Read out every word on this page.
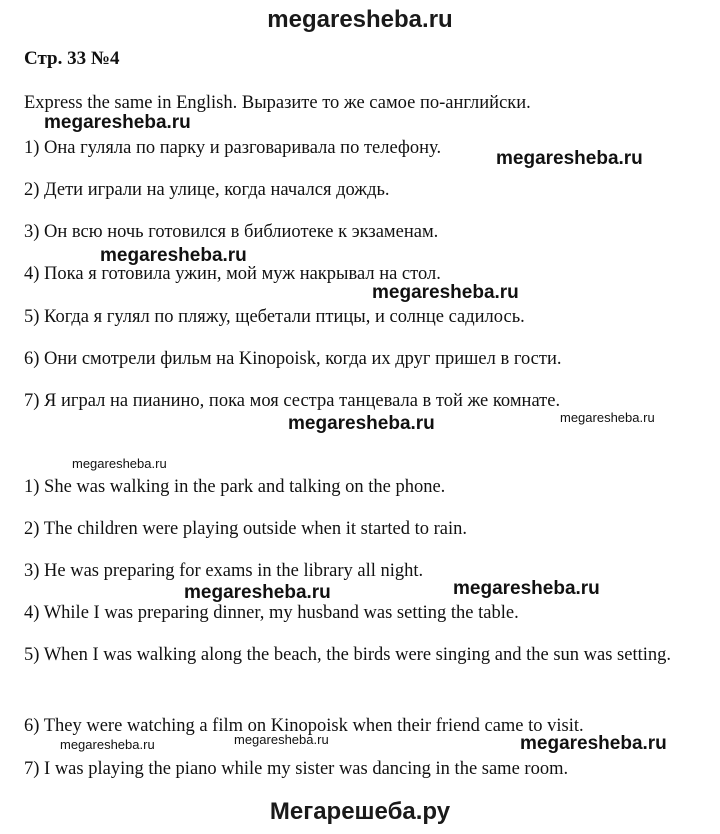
megaresheba.ru
Стр. 33 №4
Express the same in English. Выразите то же самое по-английски.
1) Она гуляла по парку и разговаривала по телефону.
2) Дети играли на улице, когда начался дождь.
3) Он всю ночь готовился в библиотеке к экзаменам.
4) Пока я готовила ужин, мой муж накрывал на стол.
5) Когда я гулял по пляжу, щебетали птицы, и солнце садилось.
6) Они смотрели фильм на Kinopoisk, когда их друг пришел в гости.
7) Я играл на пианино, пока моя сестра танцевала в той же комнате.
1) She was walking in the park and talking on the phone.
2) The children were playing outside when it started to rain.
3) He was preparing for exams in the library all night.
4) While I was preparing dinner, my husband was setting the table.
5) When I was walking along the beach, the birds were singing and the sun was setting.
6) They were watching a film on Kinopoisk when their friend came to visit.
7) I was playing the piano while my sister was dancing in the same room.
megaresheba.ru
megaresheba.ru
megaresheba.ru
megaresheba.ru
megaresheba.ru	megaresheba.ru
megaresheba.ru
megaresheba.ru	megaresheba.ru
megaresheba.ru	megaresheba.ru	megaresheba.ru
Мегарешеба.ру
